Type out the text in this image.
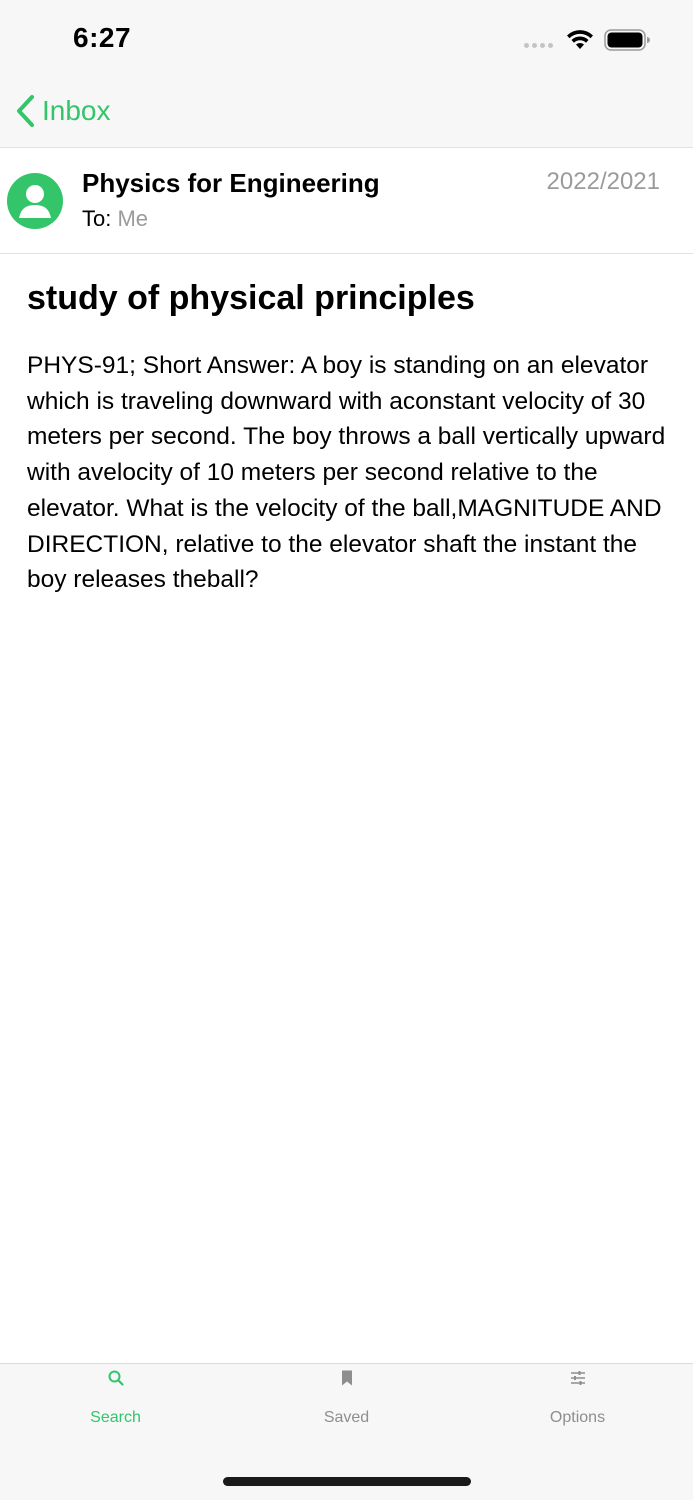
6:27
Inbox
Physics for Engineering
To: Me
2022/2021
study of physical principles

PHYS-91; Short Answer: A boy is standing on an elevator which is traveling downward with aconstant velocity of 30 meters per second. The boy throws a ball vertically upward with avelocity of 10 meters per second relative to the elevator. What is the velocity of the ball,MAGNITUDE AND DIRECTION, relative to the elevator shaft the instant the boy releases theball?

Search	Saved	Options
